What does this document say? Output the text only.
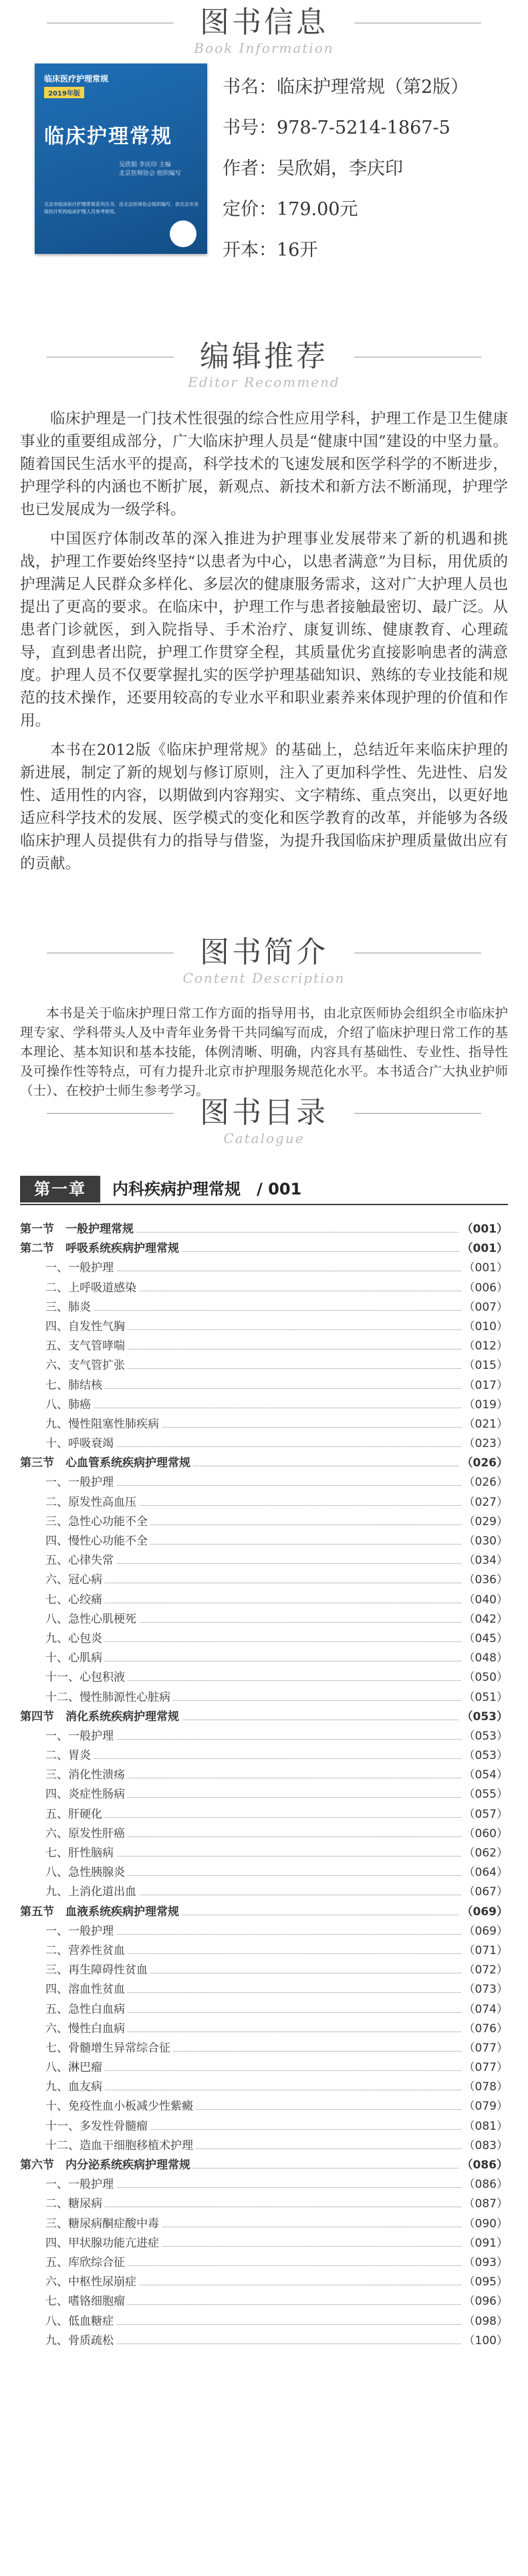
图书信息
Book Information
临床医疗护理常规
2019年版
临床护理常规
吴欣娟 李庆印 主编
北京医师协会 组织编写
北京市临床医疗护理常规系列丛书，由北京医师协会组织编写，供北京市各级医疗机构临床护理人员参考使用。
书名：临床护理常规（第2版）
书号：978-7-5214-1867-5
作者：吴欣娟，李庆印
定价：179.00元
开本：16开
编辑推荐
Editor Recommend
临床护理是一门技术性很强的综合性应用学科，护理工作是卫生健康事业的重要组成部分，广大临床护理人员是“健康中国”建设的中坚力量。随着国民生活水平的提高，科学技术的飞速发展和医学科学的不断进步，护理学科的内涵也不断扩展，新观点、新技术和新方法不断涌现，护理学也已发展成为一级学科。
中国医疗体制改革的深入推进为护理事业发展带来了新的机遇和挑战，护理工作要始终坚持“以患者为中心，以患者满意”为目标，用优质的护理满足人民群众多样化、多层次的健康服务需求，这对广大护理人员也提出了更高的要求。在临床中，护理工作与患者接触最密切、最广泛。从患者门诊就医，到入院指导、手术治疗、康复训练、健康教育、心理疏导，直到患者出院，护理工作贯穿全程，其质量优劣直接影响患者的满意度。护理人员不仅要掌握扎实的医学护理基础知识、熟练的专业技能和规范的技术操作，还要用较高的专业水平和职业素养来体现护理的价值和作用。
本书在2012版《临床护理常规》的基础上，总结近年来临床护理的新进展，制定了新的规划与修订原则，注入了更加科学性、先进性、启发性、适用性的内容，以期做到内容翔实、文字精练、重点突出，以更好地适应科学技术的发展、医学模式的变化和医学教育的改革，并能够为各级临床护理人员提供有力的指导与借鉴，为提升我国临床护理质量做出应有的贡献。
图书简介
Content Description
本书是关于临床护理日常工作方面的指导用书，由北京医师协会组织全市临床护理专家、学科带头人及中青年业务骨干共同编写而成，介绍了临床护理日常工作的基本理论、基本知识和基本技能，体例清晰、明确，内容具有基础性、专业性、指导性及可操作性等特点，可有力提升北京市护理服务规范化水平。本书适合广大执业护师（士）、在校护士师生参考学习。
图书目录
Catalogue
第一章	内科疾病护理常规　/ 001
第一节　一般护理常规	（001）
第二节　呼吸系统疾病护理常规	（001）
一、一般护理	（001）
二、上呼吸道感染	（006）
三、肺炎	（007）
四、自发性气胸	（010）
五、支气管哮喘	（012）
六、支气管扩张	（015）
七、肺结核	（017）
八、肺癌	（019）
九、慢性阻塞性肺疾病	（021）
十、呼吸衰竭	（023）
第三节　心血管系统疾病护理常规	（026）
一、一般护理	（026）
二、原发性高血压	（027）
三、急性心功能不全	（029）
四、慢性心功能不全	（030）
五、心律失常	（034）
六、冠心病	（036）
七、心绞痛	（040）
八、急性心肌梗死	（042）
九、心包炎	（045）
十、心肌病	（048）
十一、心包积液	（050）
十二、慢性肺源性心脏病	（051）
第四节　消化系统疾病护理常规	（053）
一、一般护理	（053）
二、胃炎	（053）
三、消化性溃疡	（054）
四、炎症性肠病	（055）
五、肝硬化	（057）
六、原发性肝癌	（060）
七、肝性脑病	（062）
八、急性胰腺炎	（064）
九、上消化道出血	（067）
第五节　血液系统疾病护理常规	（069）
一、一般护理	（069）
二、营养性贫血	（071）
三、再生障碍性贫血	（072）
四、溶血性贫血	（073）
五、急性白血病	（074）
六、慢性白血病	（076）
七、骨髓增生异常综合征	（077）
八、淋巴瘤	（077）
九、血友病	（078）
十、免疫性血小板减少性紫癜	（079）
十一、多发性骨髓瘤	（081）
十二、造血干细胞移植术护理	（083）
第六节　内分泌系统疾病护理常规	（086）
一、一般护理	（086）
二、糖尿病	（087）
三、糖尿病酮症酸中毒	（090）
四、甲状腺功能亢进症	（091）
五、库欣综合征	（093）
六、中枢性尿崩症	（095）
七、嗜铬细胞瘤	（096）
八、低血糖症	（098）
九、骨质疏松	（100）
